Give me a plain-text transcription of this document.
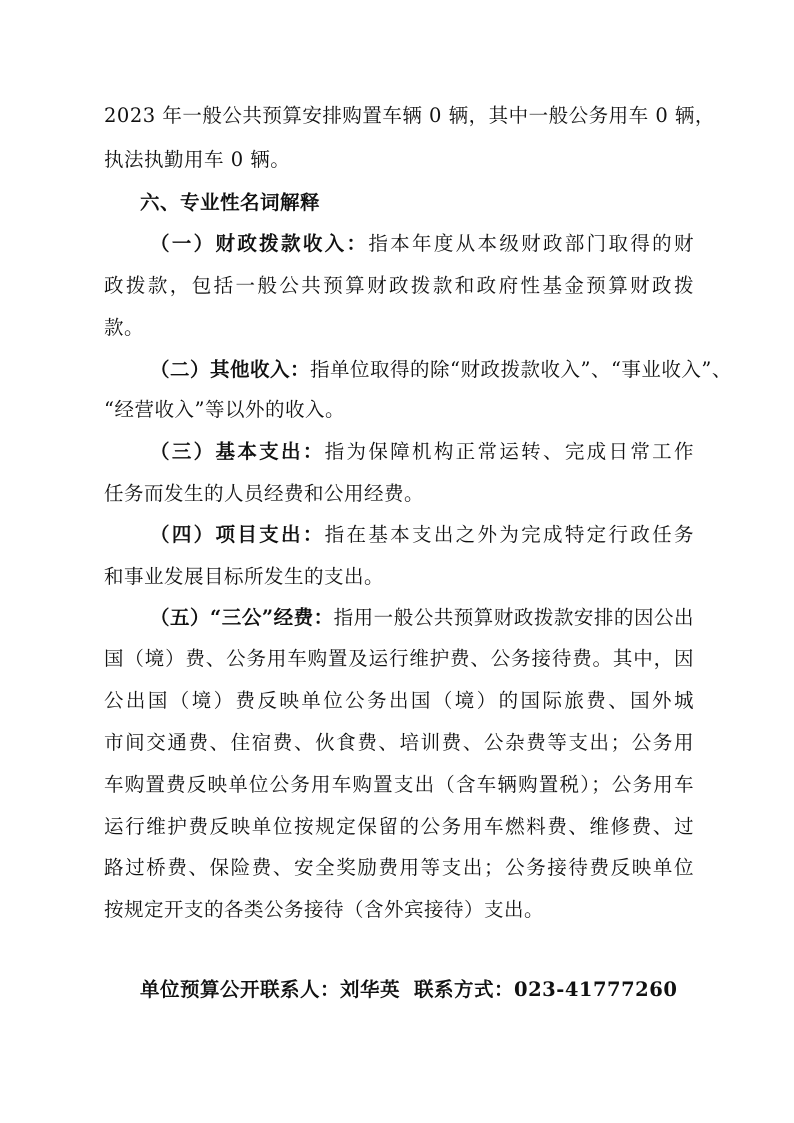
2023 年一般公共预算安排购置车辆 0 辆，其中一般公务用车 0 辆，
执法执勤用车 0 辆。
六、专业性名词解释
（一）财政拨款收入：指本年度从本级财政部门取得的财
政拨款，包括一般公共预算财政拨款和政府性基金预算财政拨
款。
（二）其他收入：指单位取得的除“财政拨款收入”、“事业收入”、
“经营收入”等以外的收入。
（三）基本支出：指为保障机构正常运转、完成日常工作
任务而发生的人员经费和公用经费。
（四）项目支出：指在基本支出之外为完成特定行政任务
和事业发展目标所发生的支出。
（五）“三公”经费：指用一般公共预算财政拨款安排的因公出
国（境）费、公务用车购置及运行维护费、公务接待费。其中，因
公出国（境）费反映单位公务出国（境）的国际旅费、国外城
市间交通费、住宿费、伙食费、培训费、公杂费等支出；公务用
车购置费反映单位公务用车购置支出（含车辆购置税）；公务用车
运行维护费反映单位按规定保留的公务用车燃料费、维修费、过
路过桥费、保险费、安全奖励费用等支出；公务接待费反映单位
按规定开支的各类公务接待（含外宾接待）支出。
单位预算公开联系人：刘华英 联系方式：023-41777260
